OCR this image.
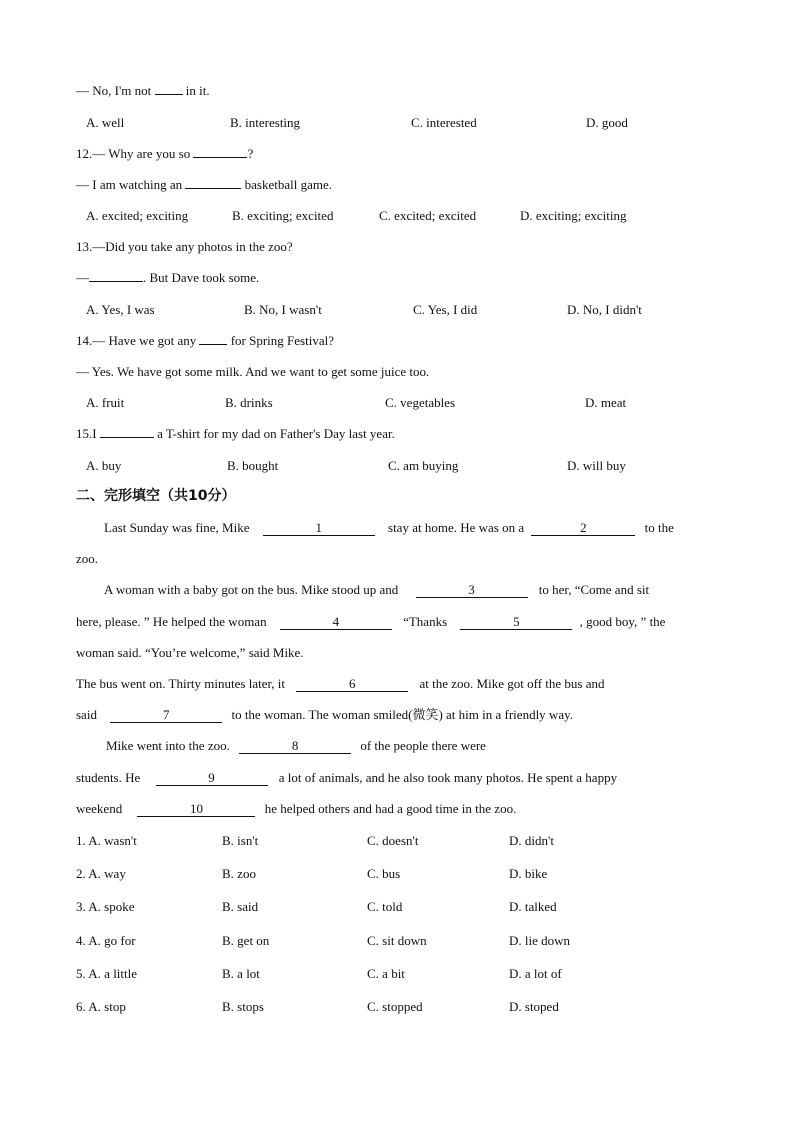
— No, I'm not	in it.
A. well	B. interesting	C. interested	D. good
12.— Why are you so	?
— I am watching an	basketball game.
A. excited; exciting	B. exciting; excited	C. excited; excited	D. exciting; exciting
13.—Did you take any photos in the zoo?
—	. But Dave took some.
A. Yes, I was	B. No, I wasn't	C. Yes, I did	D. No, I didn't
14.— Have we got any	for Spring Festival?
— Yes. We have got some milk. And we want to get some juice too.
A. fruit	B. drinks	C. vegetables	D. meat
15.I	a T-shirt for my dad on Father's Day last year.
A. buy	B. bought	C. am buying	D. will buy
二、完形填空（共10分）
Last Sunday was fine, Mike	1	stay at home. He was on a	2	to the
zoo.
A woman with a baby got on the bus. Mike stood up and	3	to her, “Come and sit
here, please. ” He helped the woman	4	“Thanks	5	, good boy, ” the
woman said. “You’re welcome,” said Mike.
The bus went on. Thirty minutes later, it	6	at the zoo. Mike got off the bus and
said	7	to the woman. The woman smiled(微笑) at him in a friendly way.
Mike went into the zoo.	8	of the people there were
students. He	9	a lot of animals, and he also took many photos. He spent a happy
weekend	10	he helped others and had a good time in the zoo.
1. A. wasn't	B. isn't	C. doesn't	D. didn't
2. A. way	B. zoo	C. bus	D. bike
3. A. spoke	B. said	C. told	D. talked
4. A. go for	B. get on	C. sit down	D. lie down
5. A. a little	B. a lot	C. a bit	D. a lot of
6. A. stop	B. stops	C. stopped	D. stoped
